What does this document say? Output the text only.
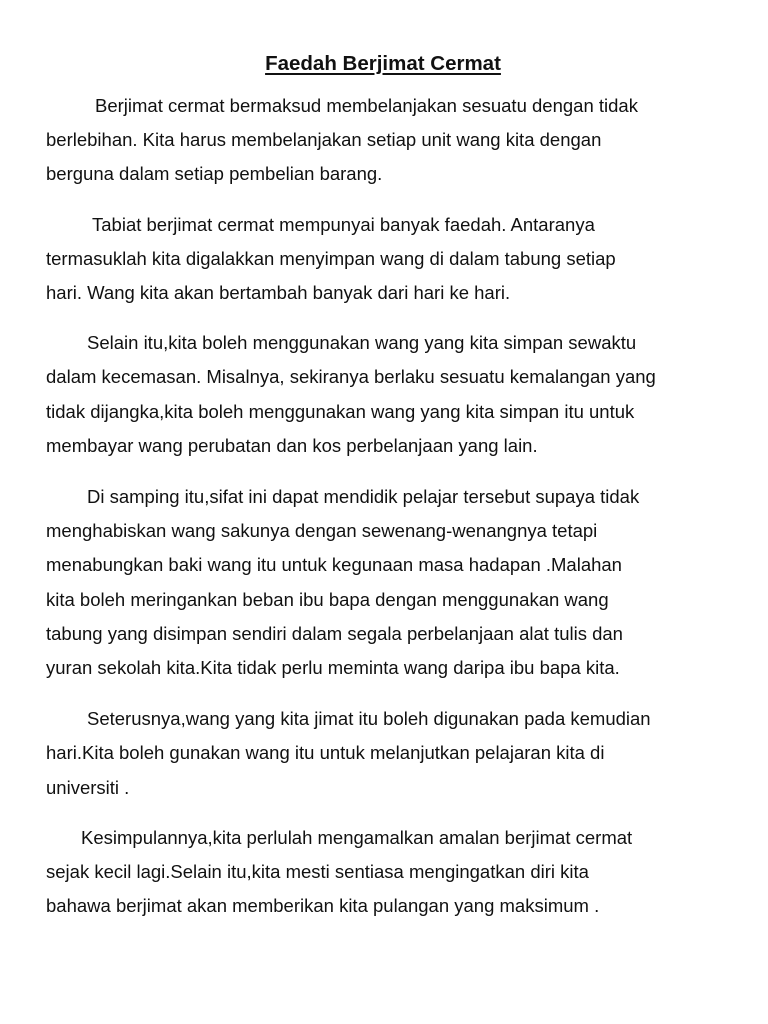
Faedah Berjimat Cermat

Berjimat cermat bermaksud membelanjakan sesuatu dengan tidak
berlebihan. Kita harus membelanjakan setiap unit wang kita dengan
berguna dalam setiap pembelian barang.

Tabiat berjimat cermat mempunyai banyak faedah. Antaranya
termasuklah kita digalakkan menyimpan wang di dalam tabung setiap
hari. Wang kita akan bertambah banyak dari hari ke hari.

Selain itu,kita boleh menggunakan wang yang kita simpan sewaktu
dalam kecemasan. Misalnya, sekiranya berlaku sesuatu kemalangan yang
tidak dijangka,kita boleh menggunakan wang yang kita simpan itu untuk
membayar wang perubatan dan kos perbelanjaan yang lain.

Di samping itu,sifat ini dapat mendidik pelajar tersebut supaya tidak
menghabiskan wang sakunya dengan sewenang-wenangnya tetapi
menabungkan baki wang itu untuk kegunaan masa hadapan .Malahan
kita boleh meringankan beban ibu bapa dengan menggunakan wang
tabung yang disimpan sendiri dalam segala perbelanjaan alat tulis dan
yuran sekolah kita.Kita tidak perlu meminta wang daripa ibu bapa kita.

Seterusnya,wang yang kita jimat itu boleh digunakan pada kemudian
hari.Kita boleh gunakan wang itu untuk melanjutkan pelajaran kita di
universiti .

Kesimpulannya,kita perlulah mengamalkan amalan berjimat cermat
sejak kecil lagi.Selain itu,kita mesti sentiasa mengingatkan diri kita
bahawa berjimat akan memberikan kita pulangan yang maksimum .
